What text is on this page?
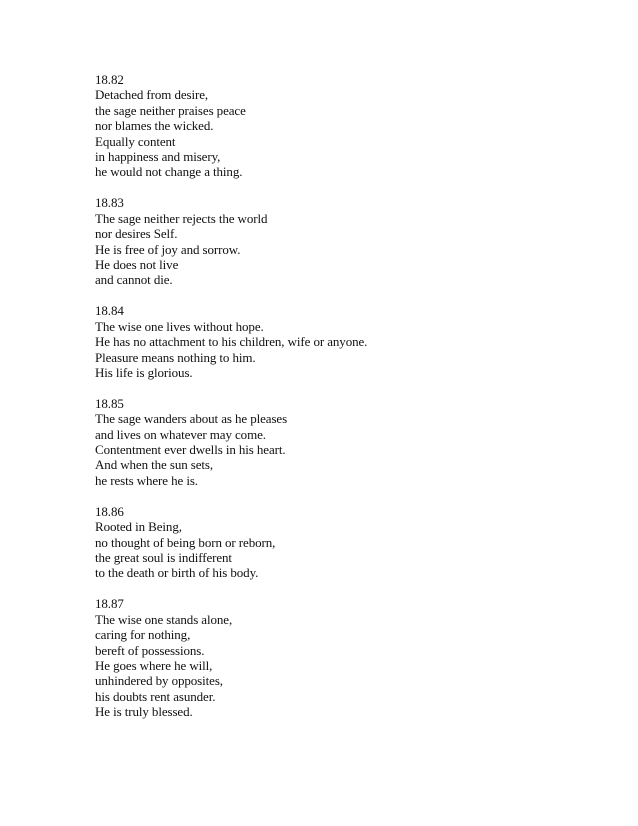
18.82
Detached from desire,
the sage neither praises peace
nor blames the wicked.
Equally content
in happiness and misery,
he would not change a thing.
18.83
The sage neither rejects the world
nor desires Self.
He is free of joy and sorrow.
He does not live
and cannot die.
18.84
The wise one lives without hope.
He has no attachment to his children, wife or anyone.
Pleasure means nothing to him.
His life is glorious.
18.85
The sage wanders about as he pleases
and lives on whatever may come.
Contentment ever dwells in his heart.
And when the sun sets,
he rests where he is.
18.86
Rooted in Being,
no thought of being born or reborn,
the great soul is indifferent
to the death or birth of his body.
18.87
The wise one stands alone,
caring for nothing,
bereft of possessions.
He goes where he will,
unhindered by opposites,
his doubts rent asunder.
He is truly blessed.
